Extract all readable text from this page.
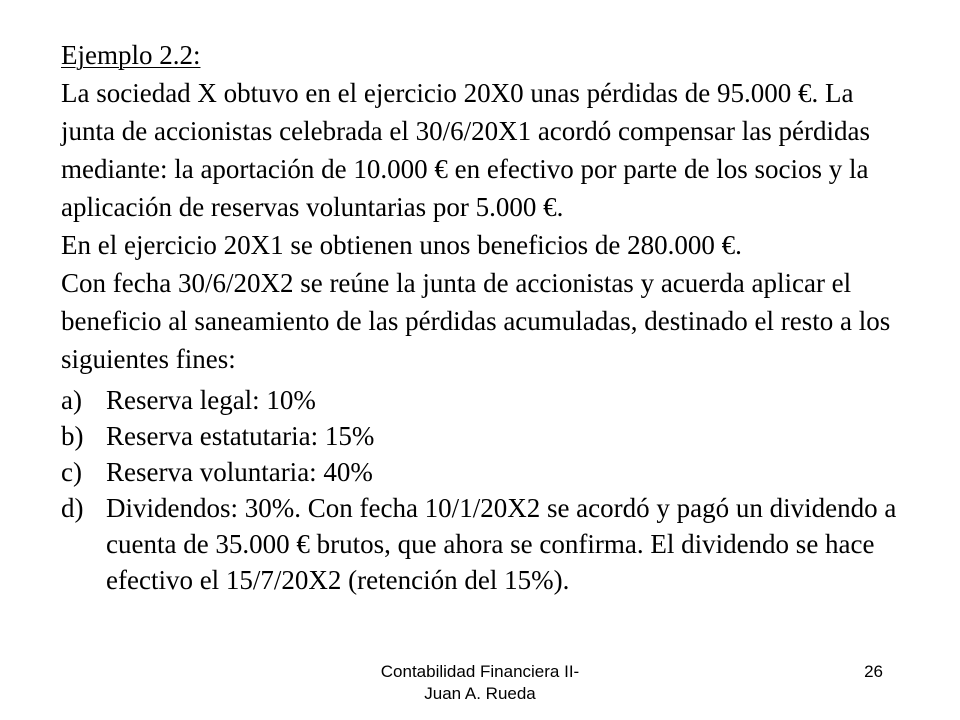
Ejemplo 2.2:

La sociedad X obtuvo en el ejercicio 20X0 unas pérdidas de 95.000 €. La junta de accionistas celebrada el 30/6/20X1 acordó compensar las pérdidas mediante: la aportación de 10.000 € en efectivo por parte de los socios y la aplicación de reservas voluntarias por 5.000 €.

En el ejercicio 20X1 se obtienen unos beneficios de 280.000 €.

Con fecha 30/6/20X2 se reúne la junta de accionistas y acuerda aplicar el beneficio al saneamiento de las pérdidas acumuladas, destinado el resto a los siguientes fines:

a) Reserva legal: 10%
b) Reserva estatutaria: 15%
c) Reserva voluntaria: 40%
d) Dividendos: 30%. Con fecha 10/1/20X2 se acordó y pagó un dividendo a cuenta de 35.000 € brutos, que ahora se confirma. El dividendo se hace efectivo el 15/7/20X2 (retención del 15%).
Contabilidad Financiera II-
Juan A. Rueda
26
